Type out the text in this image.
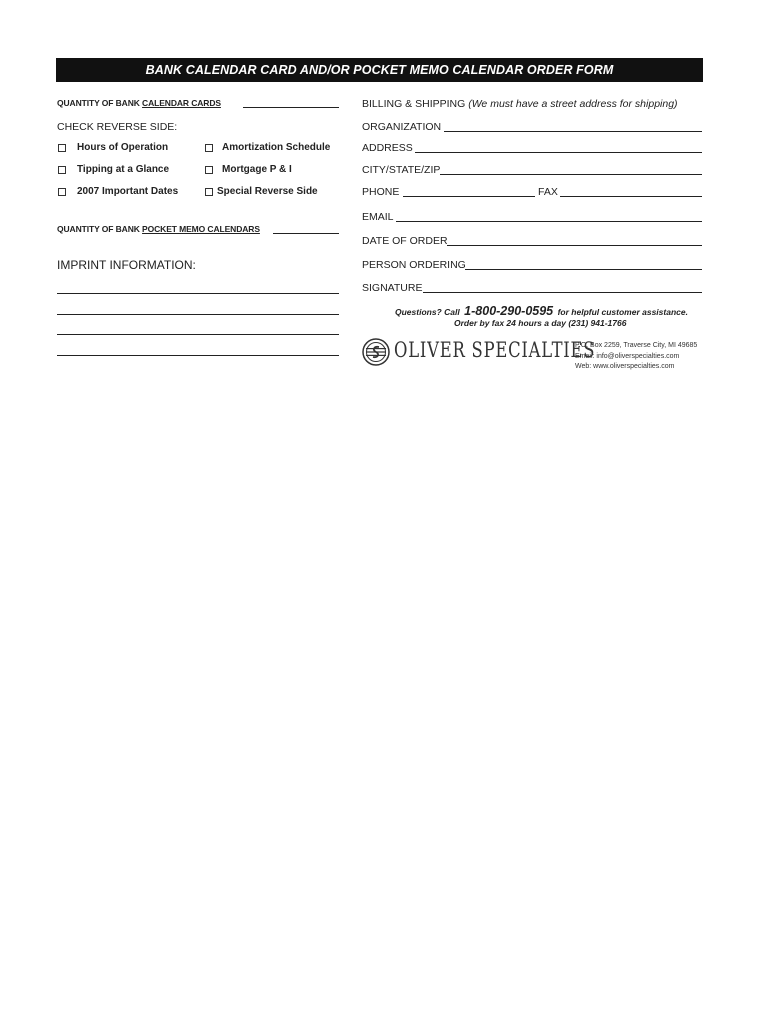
BANK CALENDAR CARD AND/OR POCKET MEMO CALENDAR ORDER FORM
QUANTITY OF BANK CALENDAR CARDS
CHECK REVERSE SIDE:
Hours of Operation	Amortization Schedule
Tipping at a Glance	Mortgage P & I
2007 Important Dates	Special Reverse Side
QUANTITY OF BANK POCKET MEMO CALENDARS
IMPRINT INFORMATION:
BILLING & SHIPPING (We must have a street address for shipping)
ORGANIZATION
ADDRESS
CITY/STATE/ZIP
PHONE	FAX
EMAIL
DATE OF ORDER
PERSON ORDERING
SIGNATURE
Questions? Call 1-800-290-0595 for helpful customer assistance.
Order by fax 24 hours a day (231) 941-1766
OLIVER SPECIALTIES
P.O. Box 2259, Traverse City, MI 49685
Email: info@oliverspecialties.com
Web: www.oliverspecialties.com
